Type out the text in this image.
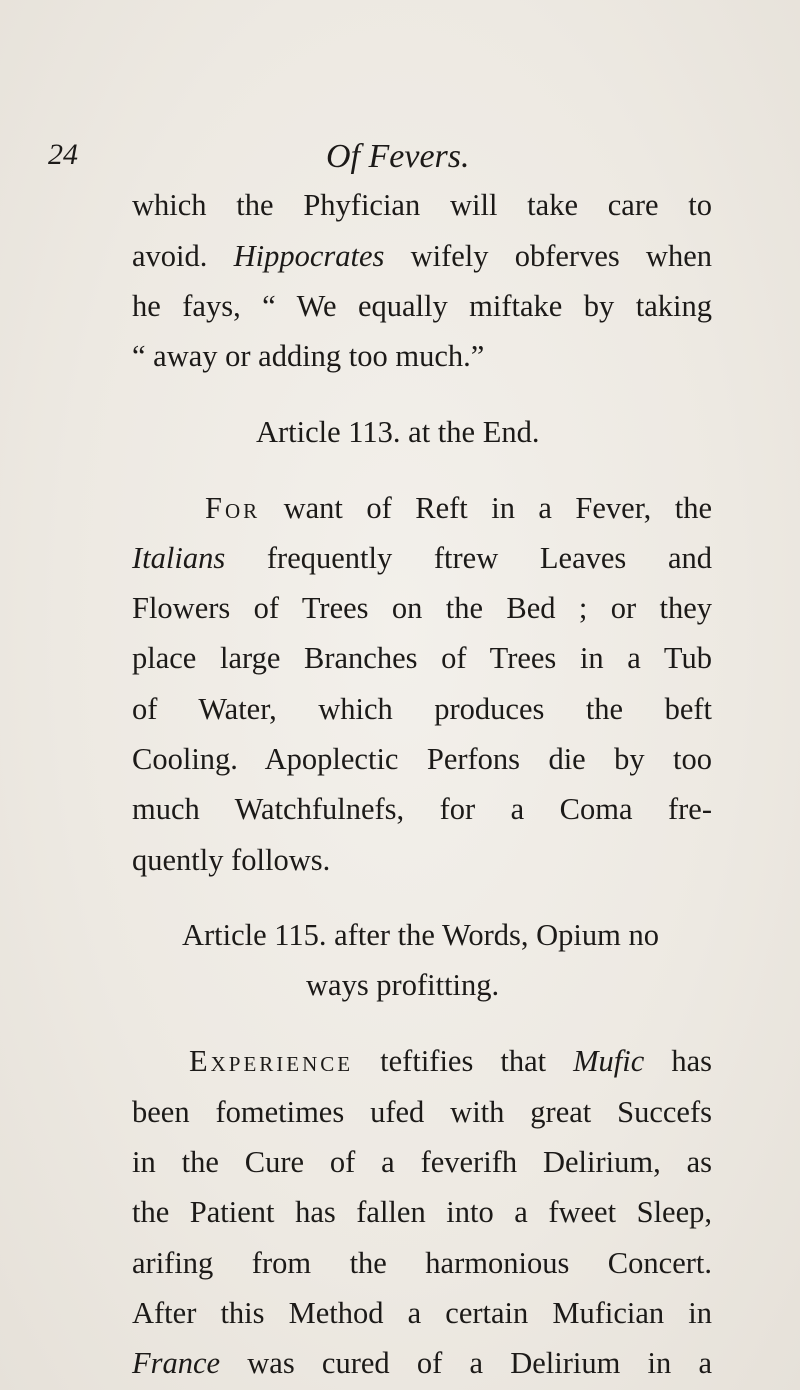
24	Of Fevers.
which the Phyfician will take care to
avoid. Hippocrates wifely obferves when
he fays, “ We equally miftake by taking
“ away or adding too much.”
Article 113. at the End.
For want of Reft in a Fever, the
Italians frequently ftrew Leaves and
Flowers of Trees on the Bed ; or they
place large Branches of Trees in a Tub
of Water, which produces the beft
Cooling. Apoplectic Perfons die by too
much Watchfulnefs, for a Coma fre-
quently follows.
Article 115. after the Words, Opium no
ways profitting.
Experience teftifies that Mufic has
been fometimes ufed with great Succefs
in the Cure of a feverifh Delirium, as
the Patient has fallen into a fweet Sleep,
arifing from the harmonious Concert.
After this Method a certain Mufician in
France was cured of a Delirium in a
